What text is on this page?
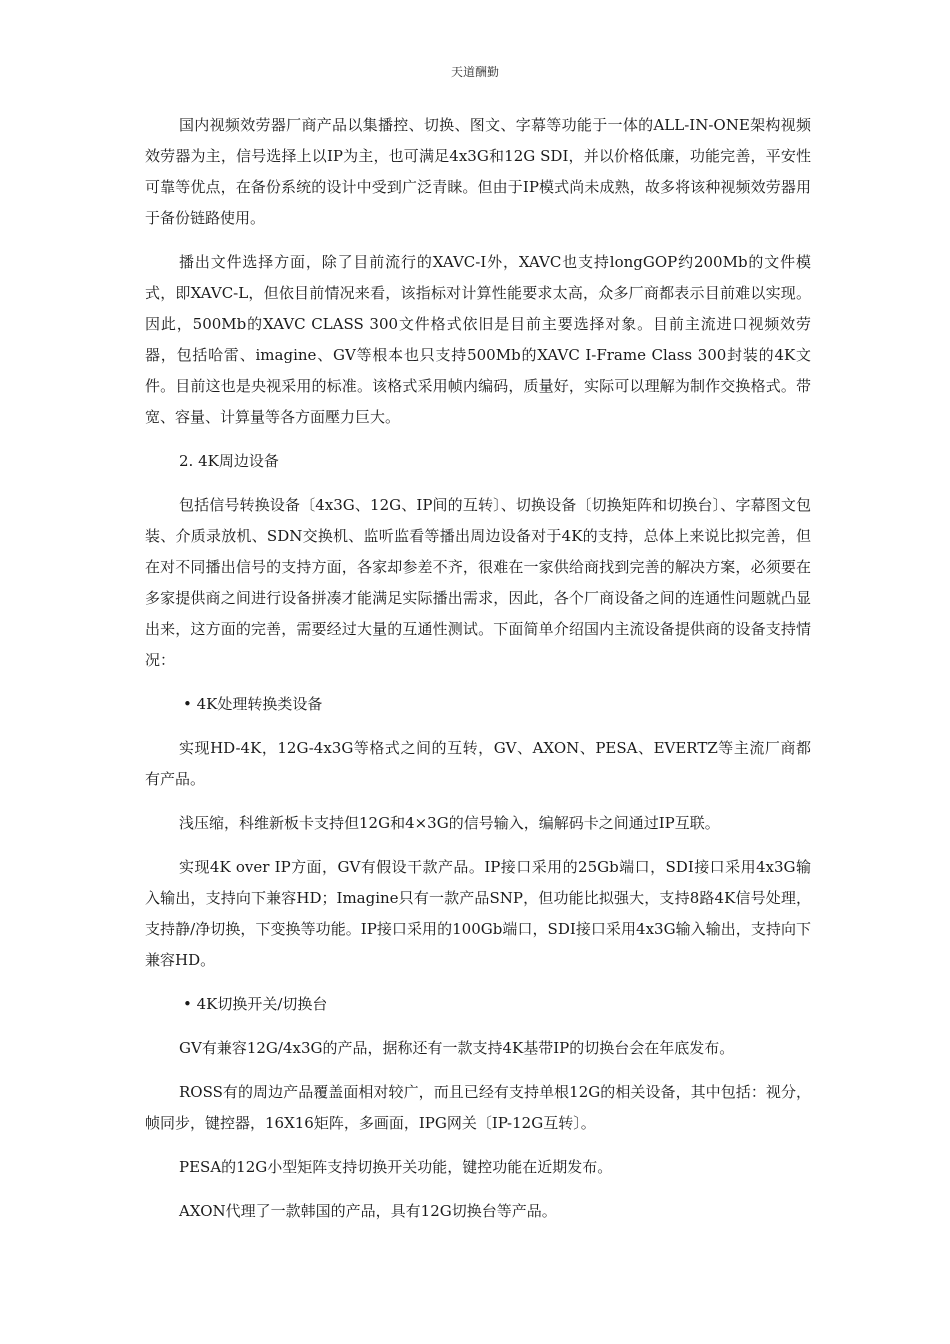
天道酬勤

国内视频效劳器厂商产品以集播控、切换、图文、字幕等功能于一体的ALL-IN-ONE架构视频效劳器为主，信号选择上以IP为主，也可满足4x3G和12G SDI，并以价格低廉，功能完善，平安性可靠等优点，在备份系统的设计中受到广泛青睐。但由于IP模式尚未成熟，故多将该种视频效劳器用于备份链路使用。

播出文件选择方面，除了目前流行的XAVC-I外，XAVC也支持longGOP约200Mb的文件模式，即XAVC-L，但依目前情况来看，该指标对计算性能要求太高，众多厂商都表示目前难以实现。因此，500Mb的XAVC CLASS 300文件格式依旧是目前主要选择对象。目前主流进口视频效劳器，包括哈雷、imagine、GV等根本也只支持500Mb的XAVC I-Frame Class 300封装的4K文件。目前这也是央视采用的标准。该格式采用帧内编码，质量好，实际可以理解为制作交换格式。带宽、容量、计算量等各方面壓力巨大。

2. 4K周边设备

包括信号转换设备〔4x3G、12G、IP间的互转〕、切换设备〔切换矩阵和切换台〕、字幕图文包装、介质录放机、SDN交换机、监听监看等播出周边设备对于4K的支持，总体上来说比拟完善，但在对不同播出信号的支持方面，各家却参差不齐，很难在一家供给商找到完善的解决方案，必须要在多家提供商之间进行设备拼凑才能满足实际播出需求，因此，各个厂商设备之间的连通性问题就凸显出来，这方面的完善，需要经过大量的互通性测试。下面简单介绍国内主流设备提供商的设备支持情况：

• 4K处理转换类设备

实现HD-4K，12G-4x3G等格式之间的互转，GV、AXON、PESA、EVERTZ等主流厂商都有产品。

浅压缩，科维新板卡支持但12G和4×3G的信号输入，编解码卡之间通过IP互联。

实现4K over IP方面，GV有假设干款产品。IP接口采用的25Gb端口，SDI接口采用4x3G输入输出，支持向下兼容HD；Imagine只有一款产品SNP，但功能比拟强大，支持8路4K信号处理，支持静/净切换，下变换等功能。IP接口采用的100Gb端口，SDI接口采用4x3G输入输出，支持向下兼容HD。

• 4K切换开关/切换台

GV有兼容12G/4x3G的产品，据称还有一款支持4K基带IP的切换台会在年底发布。

ROSS有的周边产品覆盖面相对较广，而且已经有支持单根12G的相关设备，其中包括：视分，帧同步，键控器，16X16矩阵，多画面，IPG网关〔IP-12G互转〕。

PESA的12G小型矩阵支持切换开关功能，键控功能在近期发布。

AXON代理了一款韩国的产品，具有12G切换台等产品。
